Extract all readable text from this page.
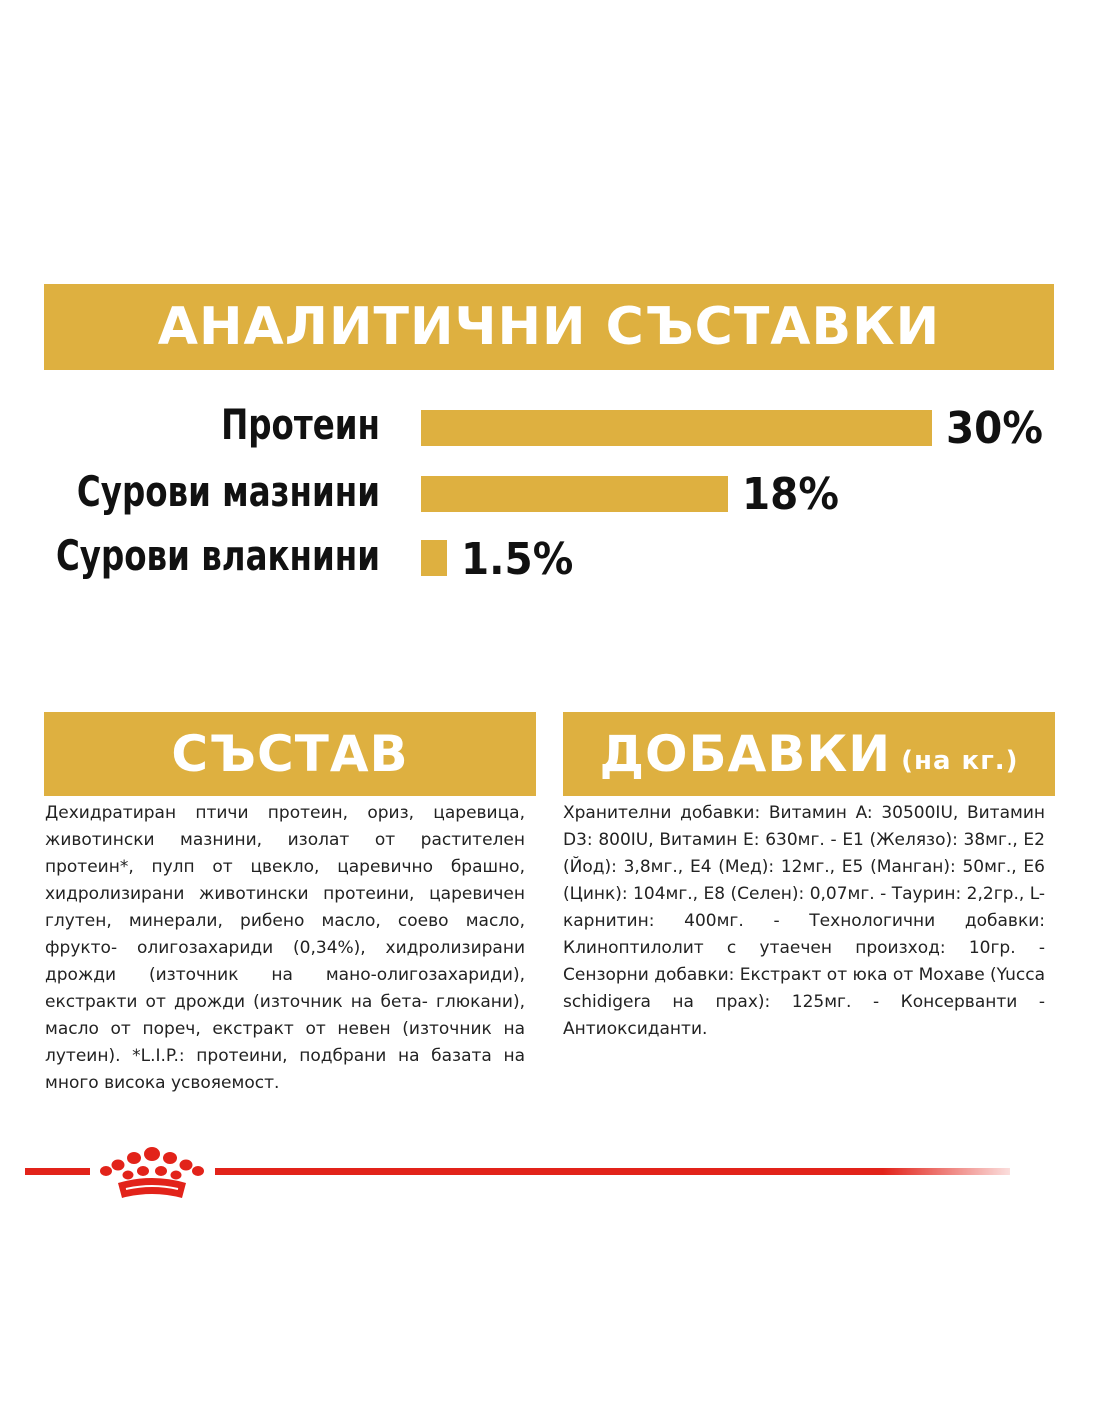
АНАЛИТИЧНИ СЪСТАВКИ
Протеин	30%
Сурови мазнини	18%
Сурови влакнини 1.5%
СЪСТАВ
Дехидратиран птичи протеин, ориз, царевица, животински мазнини, изолат от растителен протеин*, пулп от цвекло, царевично брашно, хидролизирани животински протеини, царевичен глутен, минерали, рибено масло, соево масло, фрукто- олигозахариди (0,34%), хидролизирани дрожди (източник на мано-олигозахариди), екстракти от дрожди (източник на бета- глюкани), масло от пореч, екстракт от невен (източник на лутеин). *L.I.P.: протеини, подбрани на базата на много висока усвояемост.
ДОБАВКИ (на кг.)
Хранителни добавки: Витамин A: 30500IU, Витамин D3: 800IU, Витамин E: 630мг. - E1 (Желязо): 38мг., E2 (Йод): 3,8мг., E4 (Мед): 12мг., E5 (Манган): 50мг., E6 (Цинк): 104мг., E8 (Селен): 0,07мг. - Таурин: 2,2гр., L-карнитин: 400мг. - Технологични добавки: Клиноптилолит с утаечен произход: 10гр. - Сензорни добавки: Екстракт от юка от Мохаве (Yucca schidigera на прах): 125мг. - Консерванти - Антиоксиданти.
